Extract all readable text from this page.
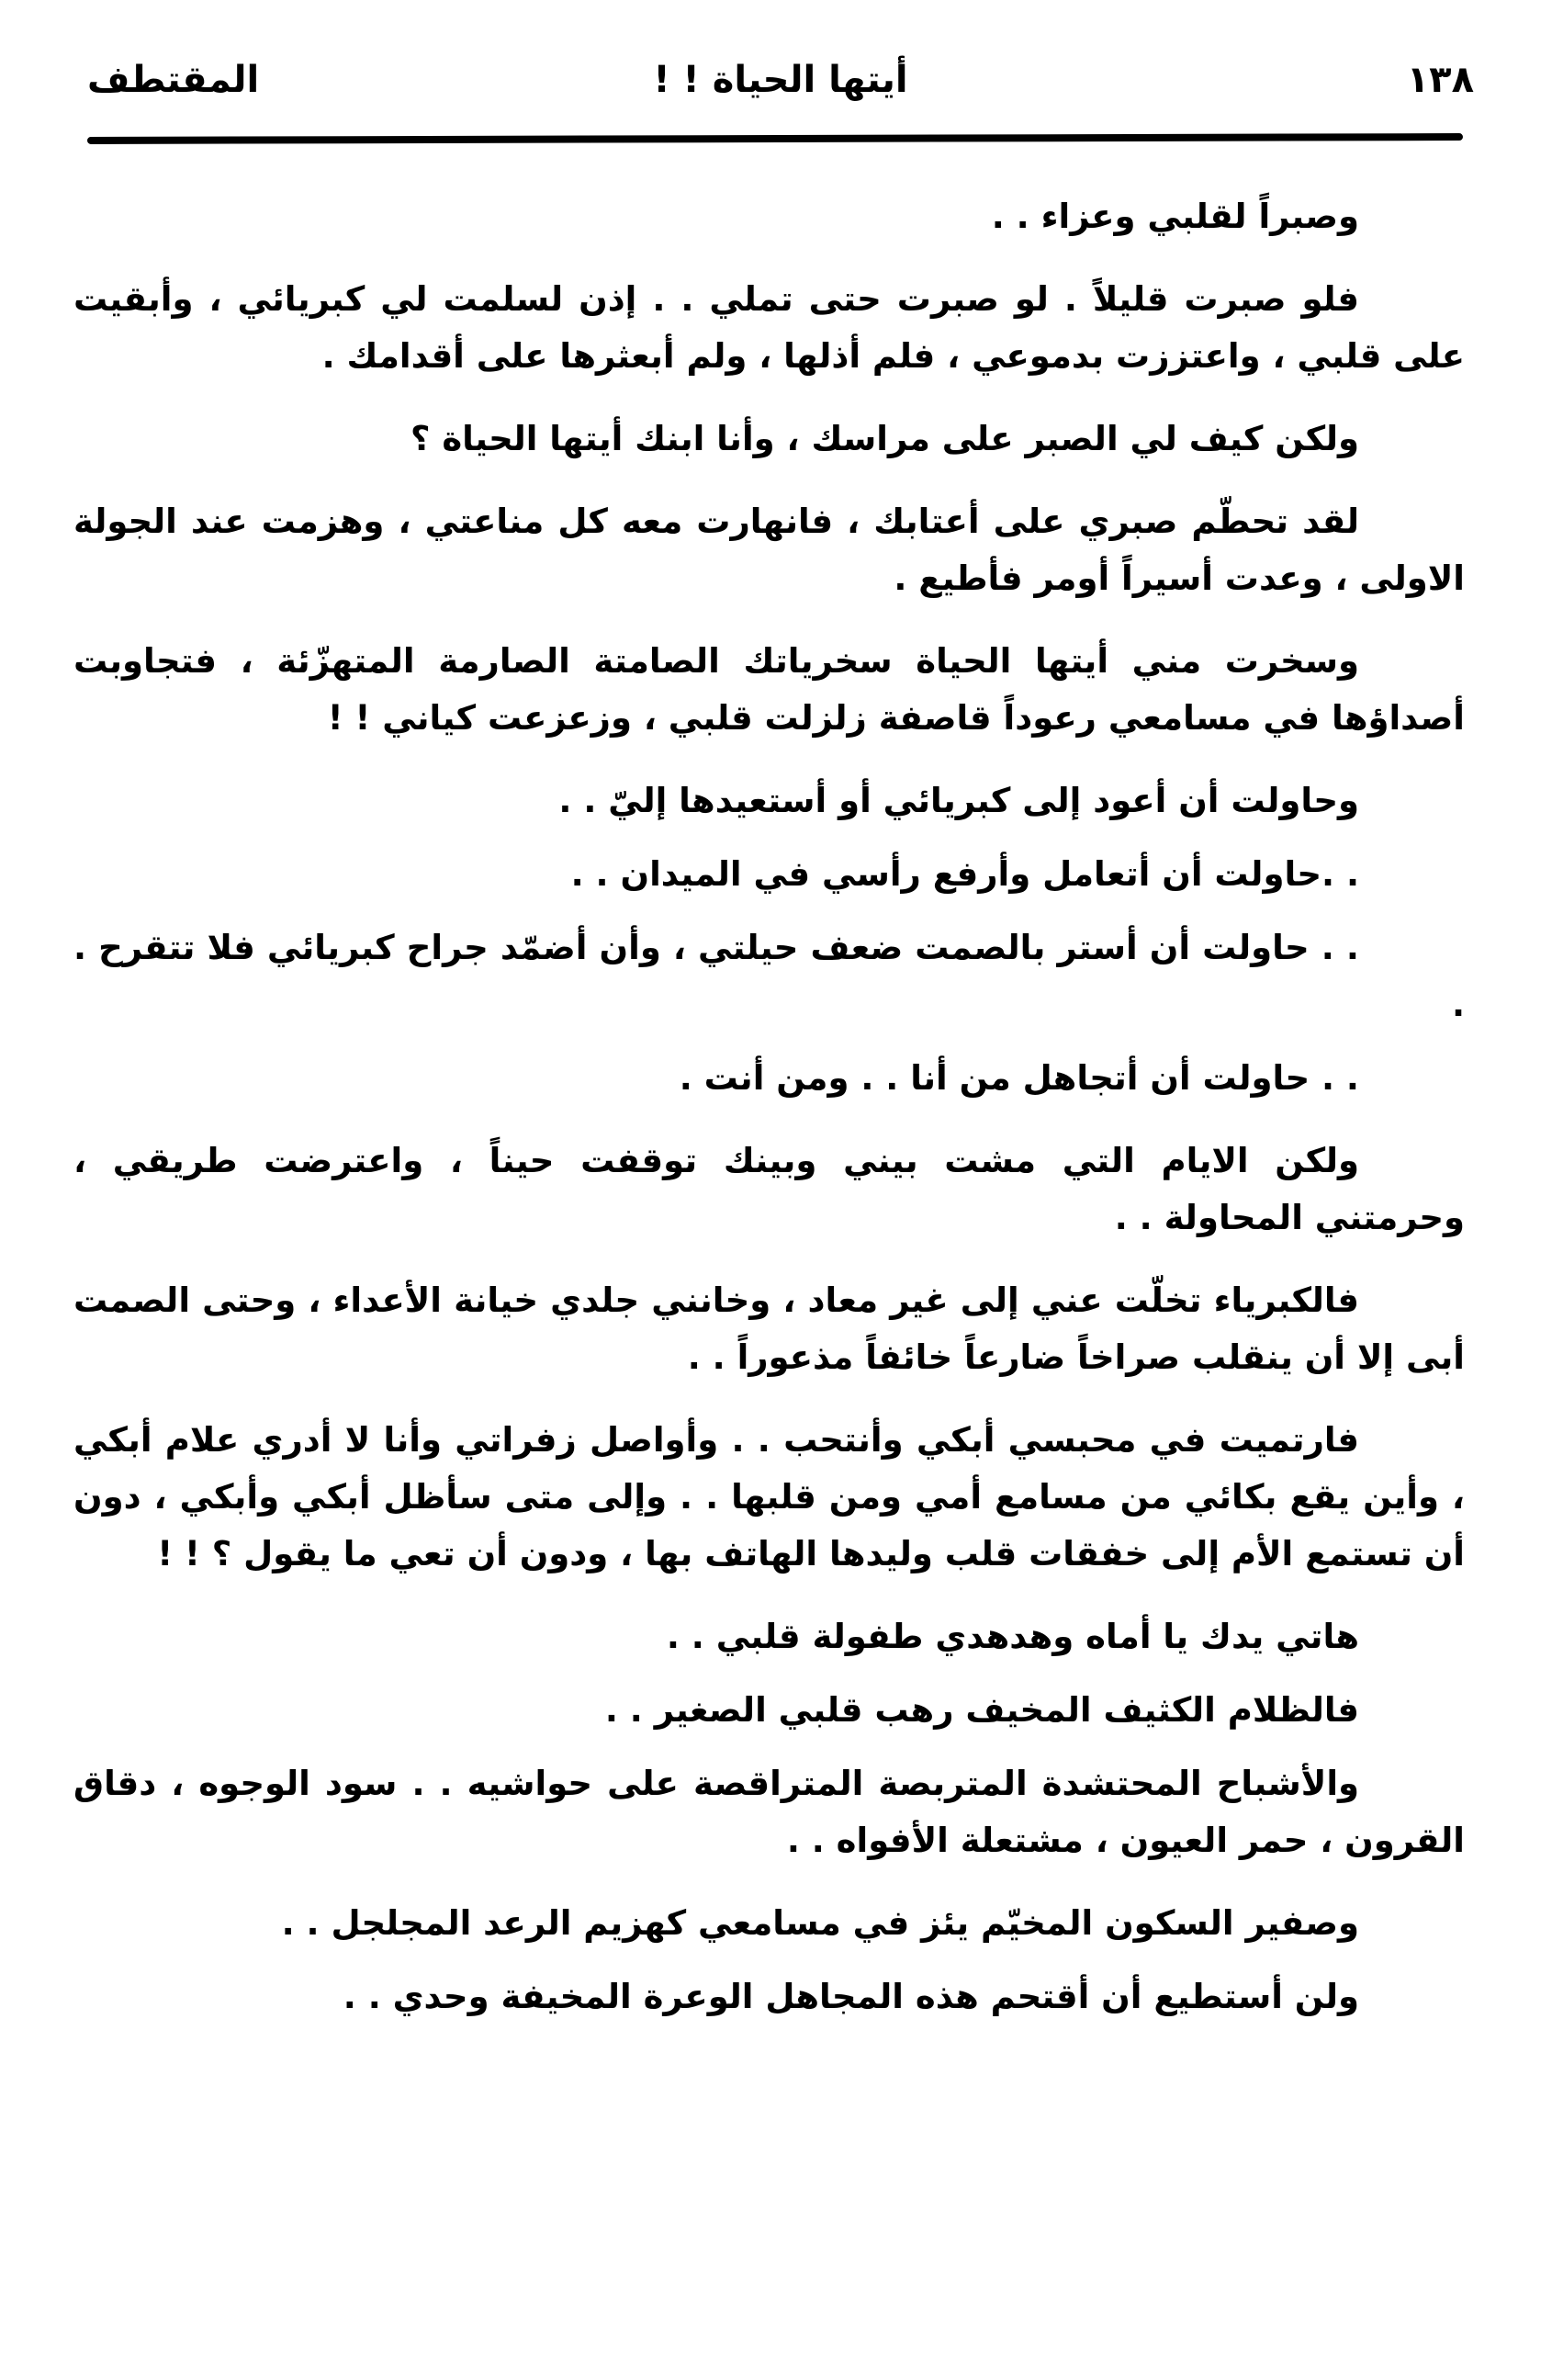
١٣٨
أيتها الحياة ! !
المقتطف

وصبراً لقلبي وعزاء . .

فلو صبرت قليلاً . لو صبرت حتى تملي . . إذن لسلمت لي كبريائي ، وأبقيت على قلبي ، واعتززت بدموعي ، فلم أذلها ، ولم أبعثرها على أقدامك .

ولكن كيف لي الصبر على مراسك ، وأنا ابنك أيتها الحياة ؟

لقد تحطّم صبري على أعتابك ، فانهارت معه كل مناعتي ، وهزمت عند الجولة الاولى ، وعدت أسيراً أومر فأطيع .

وسخرت مني أيتها الحياة سخرياتك الصامتة الصارمة المتهزّئة ، فتجاوبت أصداؤها في مسامعي رعوداً قاصفة زلزلت قلبي ، وزعزعت كياني ! !

وحاولت أن أعود إلى كبريائي أو أستعيدها إليّ . .

. .حاولت أن أتعامل وأرفع رأسي في الميدان . .

. . حاولت أن أستر بالصمت ضعف حيلتي ، وأن أضمّد جراح كبريائي فلا تتقرح . .

. . حاولت أن أتجاهل من أنا . . ومن أنت .

ولكن الايام التي مشت بيني وبينك توقفت حيناً ، واعترضت طريقي ، وحرمتني المحاولة . .

فالكبرياء تخلّت عني إلى غير معاد ، وخانني جلدي خيانة الأعداء ، وحتى الصمت أبى إلا أن ينقلب صراخاً ضارعاً خائفاً مذعوراً . .

فارتميت في محبسي أبكي وأنتحب . . وأواصل زفراتي وأنا لا أدري علام أبكي ، وأين يقع بكائي من مسامع أمي ومن قلبها . . وإلى متى سأظل أبكي وأبكي ، دون أن تستمع الأم إلى خفقات قلب وليدها الهاتف بها ، ودون أن تعي ما يقول ؟ ! !

هاتي يدك يا أماه وهدهدي طفولة قلبي . .

فالظلام الكثيف المخيف رهب قلبي الصغير . .

والأشباح المحتشدة المتربصة المتراقصة على حواشيه . . سود الوجوه ، دقاق القرون ، حمر العيون ، مشتعلة الأفواه . .

وصفير السكون المخيّم يئز في مسامعي كهزيم الرعد المجلجل . .

ولن أستطيع أن أقتحم هذه المجاهل الوعرة المخيفة وحدي . .
